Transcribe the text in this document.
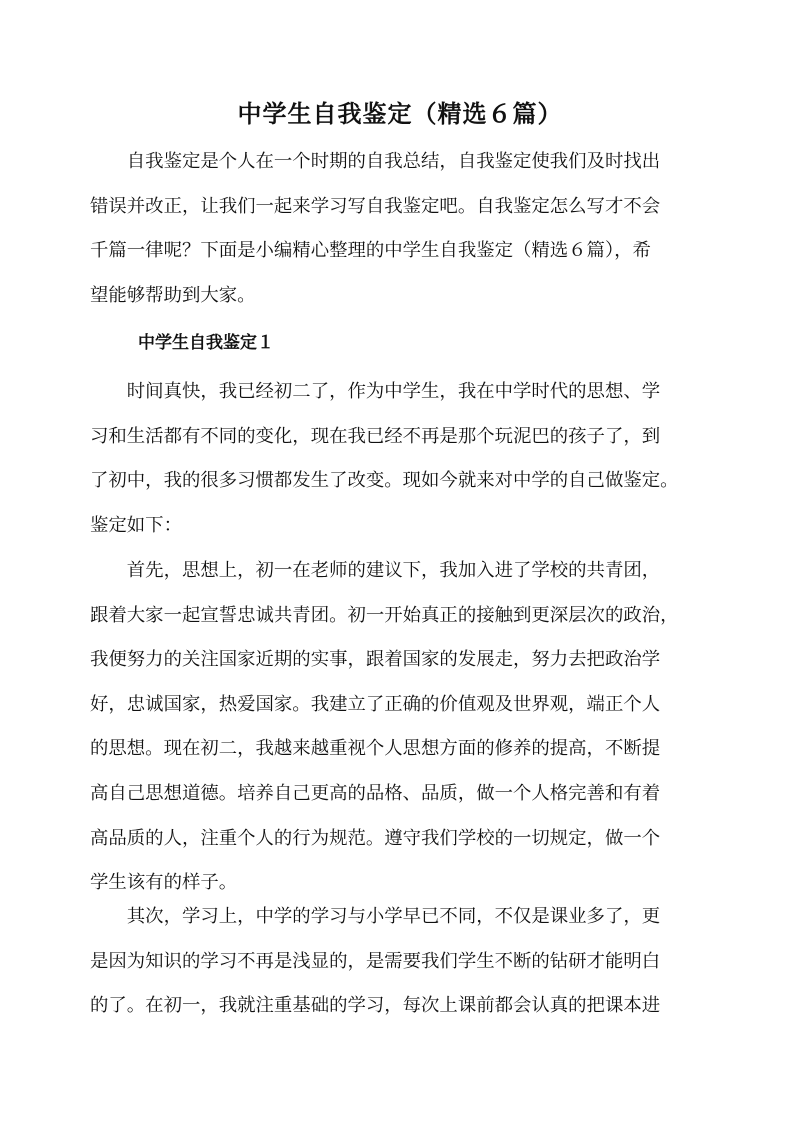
中学生自我鉴定（精选６篇）

　　自我鉴定是个人在一个时期的自我总结，自我鉴定使我们及时找出
错误并改正，让我们一起来学习写自我鉴定吧。自我鉴定怎么写才不会
千篇一律呢？下面是小编精心整理的中学生自我鉴定（精选６篇），希
望能够帮助到大家。

中学生自我鉴定１

　　时间真快，我已经初二了，作为中学生，我在中学时代的思想、学
习和生活都有不同的变化，现在我已经不再是那个玩泥巴的孩子了，到
了初中，我的很多习惯都发生了改变。现如今就来对中学的自己做鉴定。
鉴定如下：

　　首先，思想上，初一在老师的建议下，我加入进了学校的共青团，
跟着大家一起宣誓忠诚共青团。初一开始真正的接触到更深层次的政治，
我便努力的关注国家近期的实事，跟着国家的发展走，努力去把政治学
好，忠诚国家，热爱国家。我建立了正确的价值观及世界观，端正个人
的思想。现在初二，我越来越重视个人思想方面的修养的提高，不断提
高自己思想道德。培养自己更高的品格、品质，做一个人格完善和有着
高品质的人，注重个人的行为规范。遵守我们学校的一切规定，做一个
学生该有的样子。

　　其次，学习上，中学的学习与小学早已不同，不仅是课业多了，更
是因为知识的学习不再是浅显的，是需要我们学生不断的钻研才能明白
的了。在初一，我就注重基础的学习，每次上课前都会认真的把课本进
